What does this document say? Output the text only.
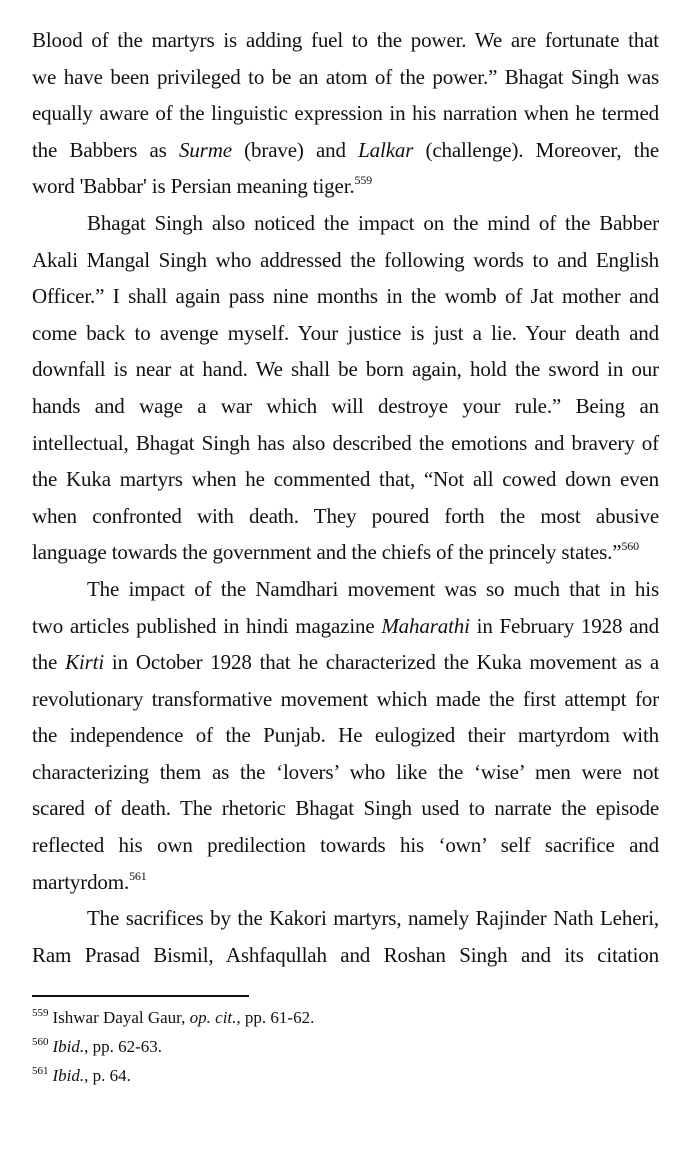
Blood of the martyrs is adding fuel to the power. We are fortunate that
we have been privileged to be an atom of the power.” Bhagat Singh was
equally aware of the linguistic expression in his narration when he termed
the Babbers as Surme (brave) and Lalkar (challenge). Moreover, the
word 'Babbar' is Persian meaning tiger.$^{559}$
Bhagat Singh also noticed the impact on the mind of the Babber
Akali Mangal Singh who addressed the following words to and English
Officer.” I shall again pass nine months in the womb of Jat mother and
come back to avenge myself. Your justice is just a lie. Your death and
downfall is near at hand. We shall be born again, hold the sword in our
hands and wage a war which will destroye your rule.” Being an
intellectual, Bhagat Singh has also described the emotions and bravery of
the Kuka martyrs when he commented that, “Not all cowed down even
when confronted with death. They poured forth the most abusive
language towards the government and the chiefs of the princely states.”$^{560}$
The impact of the Namdhari movement was so much that in his
two articles published in hindi magazine Maharathi in February 1928 and
the Kirti in October 1928 that he characterized the Kuka movement as a
revolutionary transformative movement which made the first attempt for
the independence of the Punjab. He eulogized their martyrdom with
characterizing them as the ‘lovers’ who like the ‘wise’ men were not
scared of death. The rhetoric Bhagat Singh used to narrate the episode
reflected his own predilection towards his ‘own’ self sacrifice and
martyrdom.$^{561}$
The sacrifices by the Kakori martyrs, namely Rajinder Nath Leheri,
Ram Prasad Bismil, Ashfaqullah and Roshan Singh and its citation
$^{559}$ Ishwar Dayal Gaur, op. cit., pp. 61-62.
$^{560}$ Ibid., pp. 62-63.
$^{561}$ Ibid., p. 64.
